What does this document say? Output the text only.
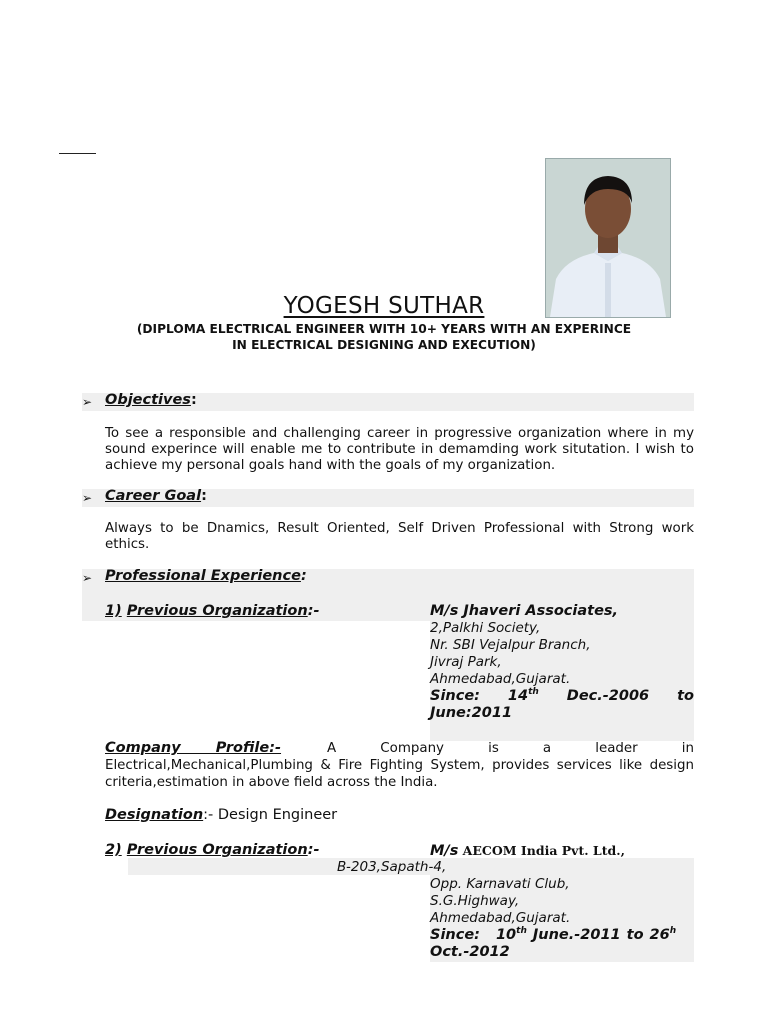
YOGESH SUTHAR
(DIPLOMA ELECTRICAL ENGINEER WITH 10+ YEARS WITH AN EXPERINCE
IN ELECTRICAL DESIGNING AND EXECUTION)
➢ Objectives:
To see a responsible and challenging career in progressive organization where in my sound experince will enable me to contribute in demamding work situtation. I wish to achieve my personal goals hand with the goals of my organization.
➢ Career Goal:
Always to be Dnamics, Result Oriented, Self Driven Professional with Strong work ethics.
➢ Professional Experience:
1) Previous Organization:-	M/s Jhaveri Associates,
2,Palkhi Society,
Nr. SBI Vejalpur Branch,
Jivraj Park,
Ahmedabad,Gujarat.
Since: 14th Dec.-2006 to
June:2011
Company Profile:-	A Company is a leader in Electrical,Mechanical,Plumbing & Fire Fighting System, provides services like design criteria,estimation in above field across the India.
Designation:- Design Engineer
2) Previous Organization:-	M/s AECOM India Pvt. Ltd.,
B-203,Sapath-4,
Opp. Karnavati Club,
S.G.Highway,
Ahmedabad,Gujarat.
Since: 10th June.-2011 to 26$^h$
Oct.-2012
